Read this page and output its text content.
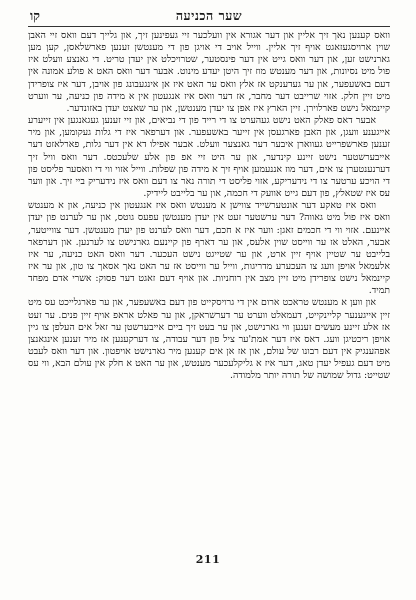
שער הכניעה
קו

וואס קענען נאך זיך אליין און דער אגורא אין וועלכער זיי געפינען זיך, און גלייך דעם וואס זיי האבן שוין ארויסגעזאגט אויף זיך אליין. ווייל אויב די אויגן פון די מענטשן זענען פארשלאסן, קען מען גארנישט זען, און דער וואס גייט אין דער פינסטער, שטרויכלט אין יעדן טריט. די גאנצע וועלט איז פול מיט נסיונות, און דער מענטש מוז זיך היטן יעדע מינוט. אבער דער וואס האט א פולע אמונה אין דעם באשעפער, און ער געדענקט אז אלץ וואס ער האט איז אן אינגעבונג פון אויבן, דער איז צופרידן מיט זיין חלק. אזוי שרייבט דער מחבר, אז דער וואס איז אנגעטון אין א מידה פון כניעה, ער ווערט קיינמאל נישט פארלוירן. זיין הארץ איז אפן צו יעדן מענטשן, און ער שאצט יעדן באזונדער.

אבער דאס פאלק האט נישט געהערט צו די רייד פון די נביאים, און זיי זענען געגאנגען אין זייערע אייגענע וועגן, און האבן פארגעסן אין זייער באשעפער. און דערפאר איז די גלות געקומען, און מיר זענען פארשפרייט געווארן איבער דער גאנצער וועלט. אבער אפילו דא אין דער גלות, פארלאזט דער אייבערשטער נישט זיינע קינדער, און ער היט זיי אפ פון אלע שלעכטס. דער וואס וויל זיך דערנענטערן צו אים, דער מוז אננעמען אויף זיך א מידה פון שפלות. ווייל אזוי ווי די וואסער פליסט פון די הויכע ערטער צו די נידעריקע, אזוי פליסט די תורה נאר צו דעם וואס איז נידעריק ביי זיך. און ווער עס איז שטאלץ, פון דעם גייט אוועק די חכמה, און ער בלייבט ליידיק.

וואס איז טאקע דער אונטערשייד צווישן א מענטש וואס איז אנגעטון אין כניעה, און א מענטש וואס איז פול מיט גאווה? דער ערשטער זעט אין יעדן מענטשן עפעס גוטס, און ער לערנט פון יעדן איינעם. אזוי ווי די חכמים זאגן: ווער איז א חכם, דער וואס לערנט פון יעדן מענטשן. דער צווייטער, אבער, האלט אז ער ווייסט שוין אלעס, און ער דארף פון קיינעם גארנישט צו לערנען. און דערפאר בלייבט ער שטיין אויף זיין ארט, און ער שטייגט נישט העכער. דער וואס האט כניעה, ער איז אלעמאל אויפן וועג צו העכערע מדריגות, ווייל ער ווייסט אז ער האט נאך אסאך צו טון, און ער איז קיינמאל נישט צופרידן מיט זיין מצב אין רוחניות. און אויף דעם זאגט דער פסוק: אשרי אדם מפחד תמיד.

און ווען א מענטש טראכט ארום אין די גרויסקייט פון דעם באשעפער, און ער פארגלייכט עס מיט זיין אייגענער קליינקייט, דעמאלט ווערט ער דערשראקן, און ער פאלט אראפ אויף זיין פנים. ער זעט אז אלע זיינע מעשים זענען ווי גארנישט, און ער בעט זיך ביים אייבערשטן ער זאל אים העלפן צו גיין אויפן ריכטיגן וועג. דאס איז דער אמת'ער ציל פון דער עבודה, צו דערקענען אז מיר זענען אינגאנצן אפהענגיק אין דעם רבונו של עולם, און אז אן אים קענען מיר גארנישט אויפטון. און דער וואס לעבט מיט דעם געפיל יעדן טאג, דער איז א גליקלעכער מענטש, און ער האט א חלק אין עולם הבא, ווי עס שטייט: גדול שמושה של תורה יותר מלמודה.

211
